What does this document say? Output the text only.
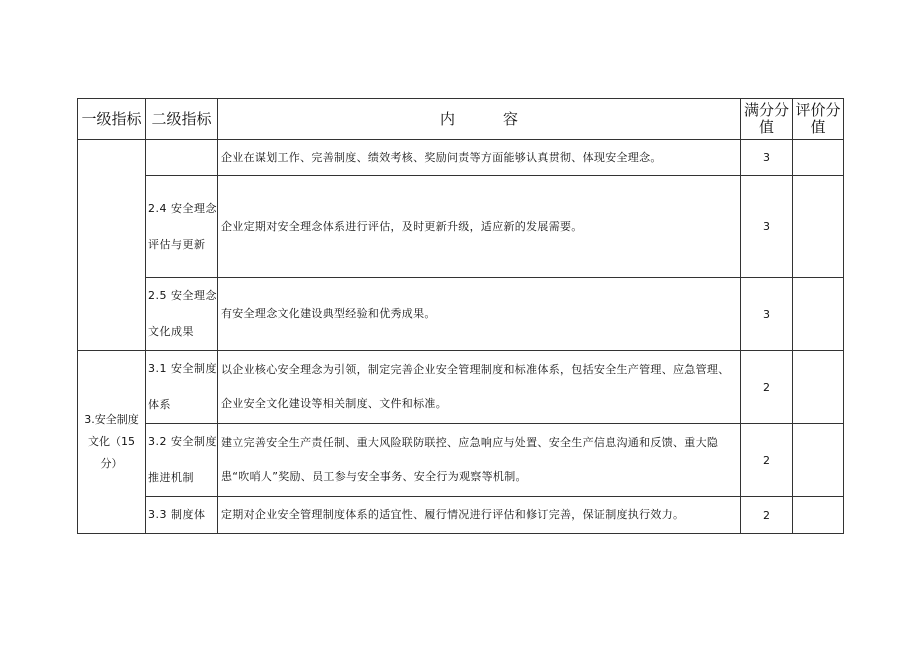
一级指标	二级指标	内容	满分分值	评价分值
		企业在谋划工作、完善制度、绩效考核、奖励问责等方面能够认真贯彻、体现安全理念。	3	
	2.4 安全理念评估与更新	企业定期对安全理念体系进行评估，及时更新升级，适应新的发展需要。	3	
	2.5 安全理念文化成果	有安全理念文化建设典型经验和优秀成果。	3	
3.安全制度文化（15 分）	3.1 安全制度体系	以企业核心安全理念为引领，制定完善企业安全管理制度和标准体系，包括安全生产管理、应急管理、企业安全文化建设等相关制度、文件和标准。	2	
	3.2 安全制度推进机制	建立完善安全生产责任制、重大风险联防联控、应急响应与处置、安全生产信息沟通和反馈、重大隐患“吹哨人”奖励、员工参与安全事务、安全行为观察等机制。	2	
	3.3 制度体	定期对企业安全管理制度体系的适宜性、履行情况进行评估和修订完善，保证制度执行效力。	2	
